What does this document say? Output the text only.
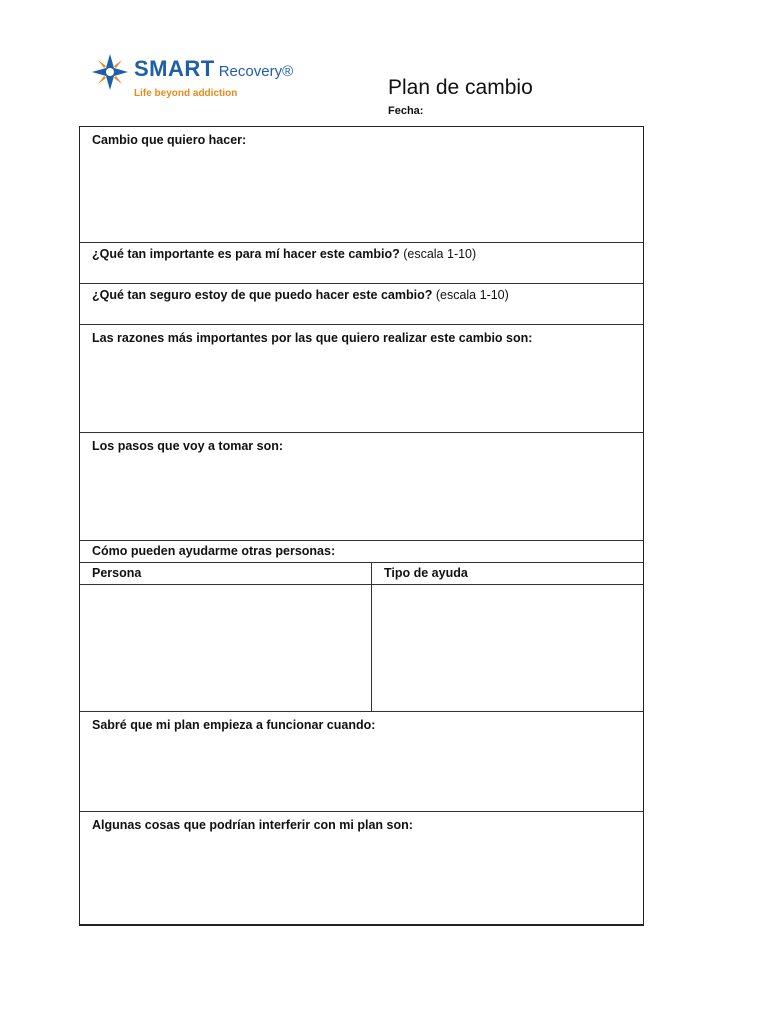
SMART Recovery®
Life beyond addiction	Plan de cambio
Fecha:
Cambio que quiero hacer:
¿Qué tan importante es para mí hacer este cambio? (escala 1-10)
¿Qué tan seguro estoy de que puedo hacer este cambio? (escala 1-10)
Las razones más importantes por las que quiero realizar este cambio son:
Los pasos que voy a tomar son:
Cómo pueden ayudarme otras personas:
Persona	Tipo de ayuda
Sabré que mi plan empieza a funcionar cuando:
Algunas cosas que podrían interferir con mi plan son:
